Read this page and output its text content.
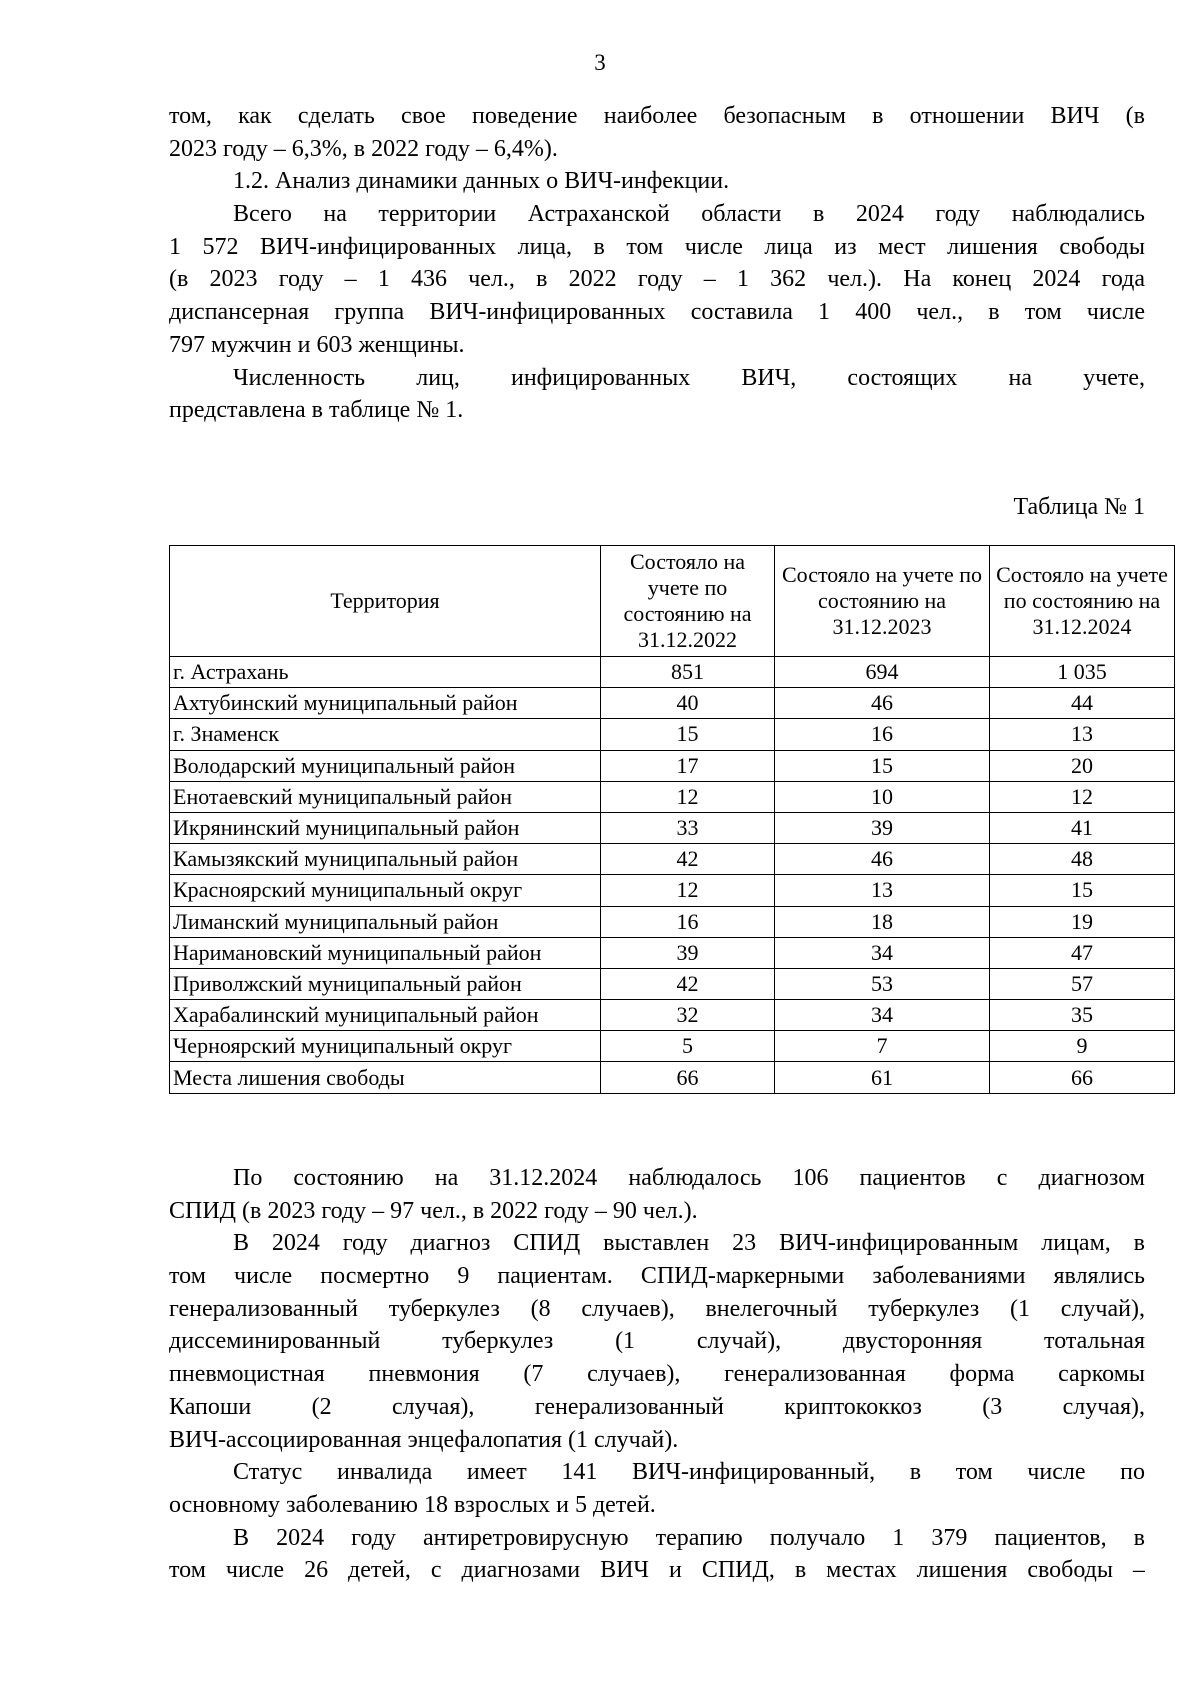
3
том, как сделать свое поведение наиболее безопасным в отношении ВИЧ (в
2023 году – 6,3%, в 2022 году – 6,4%).
1.2. Анализ динамики данных о ВИЧ-инфекции.
Всего на территории Астраханской области в 2024 году наблюдались
1 572 ВИЧ-инфицированных лица, в том числе лица из мест лишения свободы
(в 2023 году – 1 436 чел., в 2022 году – 1 362 чел.). На конец 2024 года
диспансерная группа ВИЧ-инфицированных составила 1 400 чел., в том числе
797 мужчин и 603 женщины.
Численность лиц, инфицированных ВИЧ, состоящих на учете,
представлена в таблице № 1.
Таблица № 1
Территория	Состояло на учете по состоянию на 31.12.2022	Состояло на учете по состоянию на 31.12.2023	Состояло на учете по состоянию на 31.12.2024
г. Астрахань	851	694	1 035
Ахтубинский муниципальный район	40	46	44
г. Знаменск	15	16	13
Володарский муниципальный район	17	15	20
Енотаевский муниципальный район	12	10	12
Икрянинский муниципальный район	33	39	41
Камызякский муниципальный район	42	46	48
Красноярский муниципальный округ	12	13	15
Лиманский муниципальный район	16	18	19
Наримановский муниципальный район	39	34	47
Приволжский муниципальный район	42	53	57
Харабалинский муниципальный район	32	34	35
Черноярский муниципальный округ	5	7	9
Места лишения свободы	66	61	66
По состоянию на 31.12.2024 наблюдалось 106 пациентов с диагнозом
СПИД (в 2023 году – 97 чел., в 2022 году – 90 чел.).
В 2024 году диагноз СПИД выставлен 23 ВИЧ-инфицированным лицам, в
том числе посмертно 9 пациентам. СПИД-маркерными заболеваниями являлись
генерализованный туберкулез (8 случаев), внелегочный туберкулез (1 случай),
диссеминированный туберкулез (1 случай), двусторонняя тотальная
пневмоцистная пневмония (7 случаев), генерализованная форма саркомы
Капоши (2 случая), генерализованный криптококкоз (3 случая),
ВИЧ-ассоциированная энцефалопатия (1 случай).
Статус инвалида имеет 141 ВИЧ-инфицированный, в том числе по
основному заболеванию 18 взрослых и 5 детей.
В 2024 году антиретровирусную терапию получало 1 379 пациентов, в
том числе 26 детей, с диагнозами ВИЧ и СПИД, в местах лишения свободы –
